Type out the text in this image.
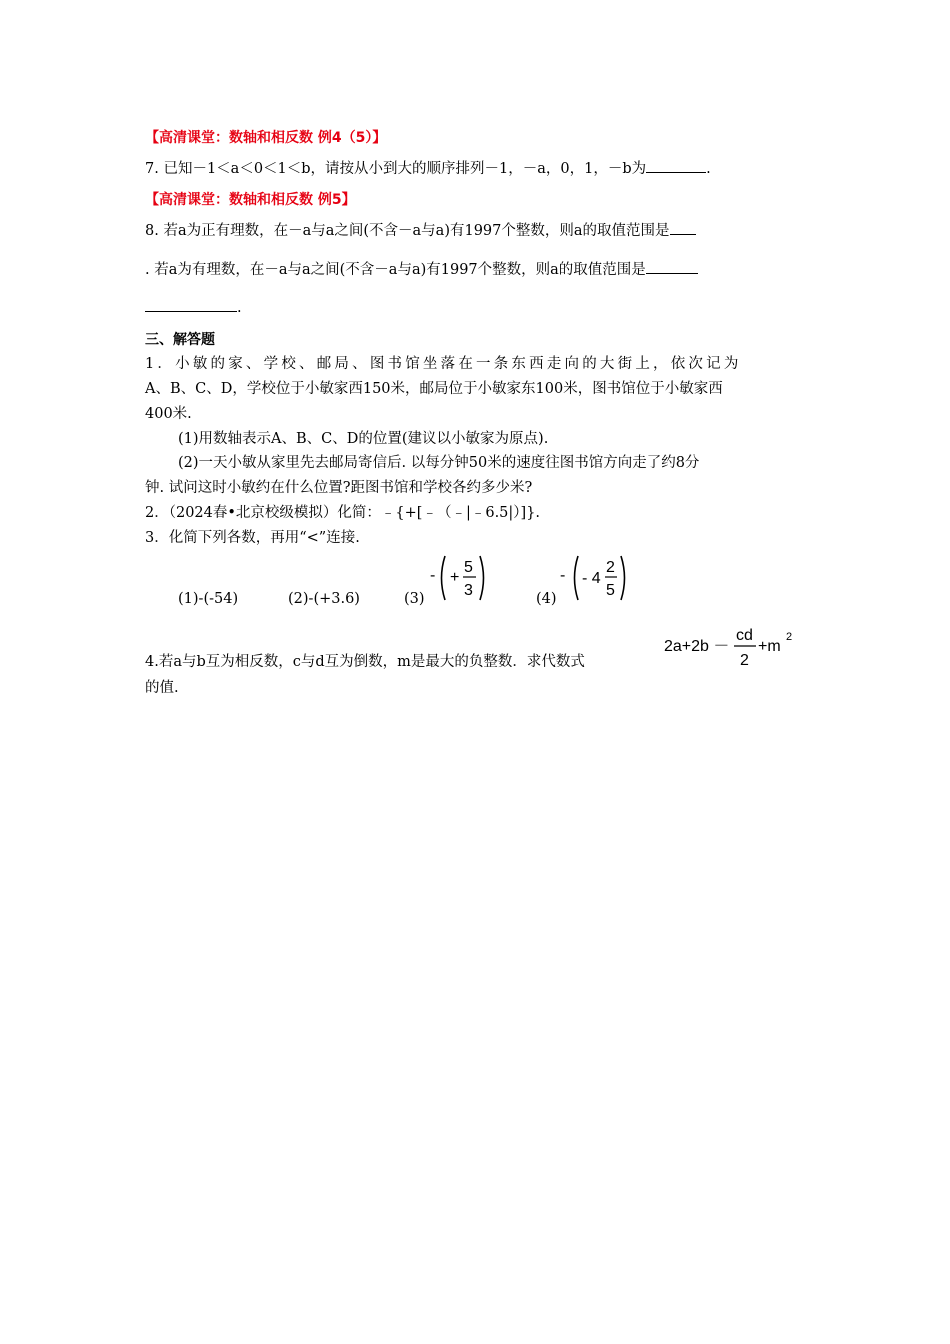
【高清课堂：数轴和相反数 例4（5）】
7. 已知－1＜a＜0＜1＜b，请按从小到大的顺序排列－1，－a，0，1，－b为	.
【高清课堂：数轴和相反数 例5】
8. 若a为正有理数，在－a与a之间(不含－a与a)有1997个整数，则a的取值范围是
. 若a为有理数，在－a与a之间(不含－a与a)有1997个整数，则a的取值范围是
.
三、解答题
1．小敏的家、学校、邮局、图书馆坐落在一条东西走向的大街上，依次记为
A、B、C、D，学校位于小敏家西150米，邮局位于小敏家东100米，图书馆位于小敏家西
400米.
(1)用数轴表示A、B、C、D的位置(建议以小敏家为原点).
(2)一天小敏从家里先去邮局寄信后. 以每分钟50米的速度往图书馆方向走了约8分
钟. 试问这时小敏约在什么位置?距图书馆和学校各约多少米?
2．（2024春•北京校级模拟）化简：﹣{+[﹣（﹣|﹣6.5|）]}.
3．化简下列各数，再用“<”连接.
(1)-(-54)	(2)-(+3.6)	(3)	(4)
- +
5
3
- - 4
2
5
4.若a与b互为相反数，c与d互为倒数，m是最大的负整数．求代数式
2a+2b －
cd
2
+m
2
的值.
